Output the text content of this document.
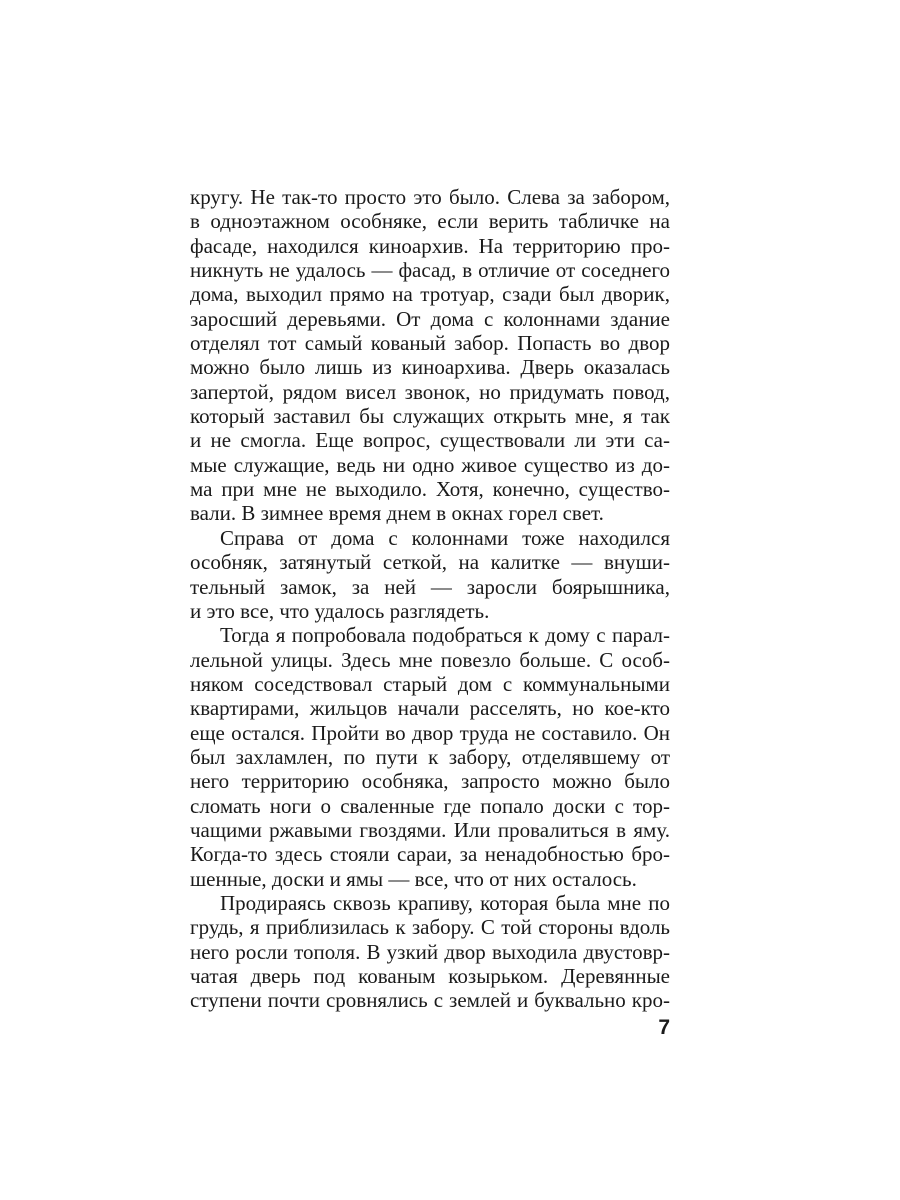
кругу. Не так-то просто это было. Слева за забором,
в одноэтажном особняке, если верить табличке на
фасаде, находился киноархив. На территорию про-
никнуть не удалось — фасад, в отличие от соседнего
дома, выходил прямо на тротуар, сзади был дворик,
заросший деревьями. От дома с колоннами здание
отделял тот самый кованый забор. Попасть во двор
можно было лишь из киноархива. Дверь оказалась
запертой, рядом висел звонок, но придумать повод,
который заставил бы служащих открыть мне, я так
и не смогла. Еще вопрос, существовали ли эти са-
мые служащие, ведь ни одно живое существо из до-
ма при мне не выходило. Хотя, конечно, существо-
вали. В зимнее время днем в окнах горел свет.
Справа от дома с колоннами тоже находился
особняк, затянутый сеткой, на калитке — внуши-
тельный замок, за ней — заросли боярышника,
и это все, что удалось разглядеть.
Тогда я попробовала подобраться к дому с парал-
лельной улицы. Здесь мне повезло больше. С особ-
няком соседствовал старый дом с коммунальными
квартирами, жильцов начали расселять, но кое-кто
еще остался. Пройти во двор труда не составило. Он
был захламлен, по пути к забору, отделявшему от
него территорию особняка, запросто можно было
сломать ноги о сваленные где попало доски с тор-
чащими ржавыми гвоздями. Или провалиться в яму.
Когда-то здесь стояли сараи, за ненадобностью бро-
шенные, доски и ямы — все, что от них осталось.
Продираясь сквозь крапиву, которая была мне по
грудь, я приблизилась к забору. С той стороны вдоль
него росли тополя. В узкий двор выходила двустовр-
чатая дверь под кованым козырьком. Деревянные
ступени почти сровнялись с землей и буквально кро-
7
